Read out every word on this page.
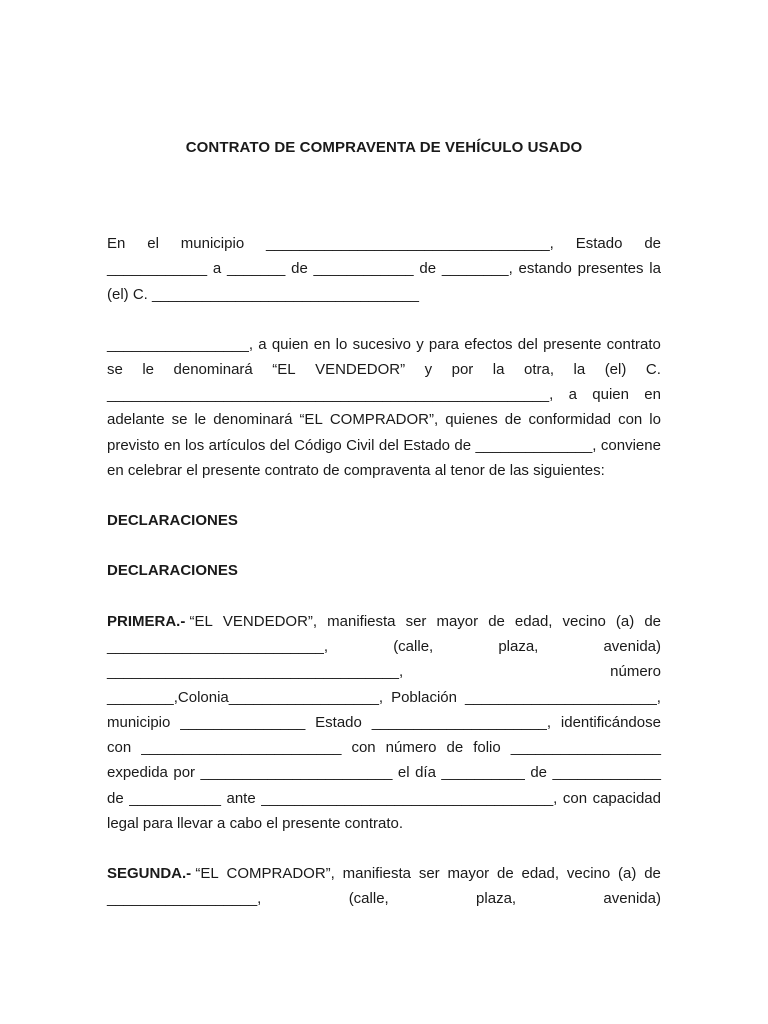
CONTRATO DE COMPRAVENTA DE VEHÍCULO USADO
En el municipio __________________________________, Estado de
____________ a _______ de ____________ de ________, estando presentes la
(el) C. ________________________________
_________________, a quien en lo sucesivo y para efectos del presente contrato
se le denominará “EL VENDEDOR” y por la otra, la (el) C.
_____________________________________________________, a quien en
adelante se le denominará “EL COMPRADOR”, quienes de conformidad con lo
previsto en los artículos del Código Civil del Estado de ______________, conviene
en celebrar el presente contrato de compraventa al tenor de las siguientes:
DECLARACIONES
DECLARACIONES
PRIMERA.- “EL VENDEDOR”, manifiesta ser mayor de edad, vecino (a) de
__________________________,	(calle,	plaza,	avenida)
___________________________________,	número
________,Colonia__________________, Población _______________________,
municipio _______________ Estado _____________________, identificándose
con ________________________ con número de folio __________________
expedida por _______________________ el día __________ de _____________
de ___________ ante ___________________________________, con capacidad
legal para llevar a cabo el presente contrato.
SEGUNDA.- “EL COMPRADOR”, manifiesta ser mayor de edad, vecino (a) de
__________________,	(calle,	plaza,	avenida)
